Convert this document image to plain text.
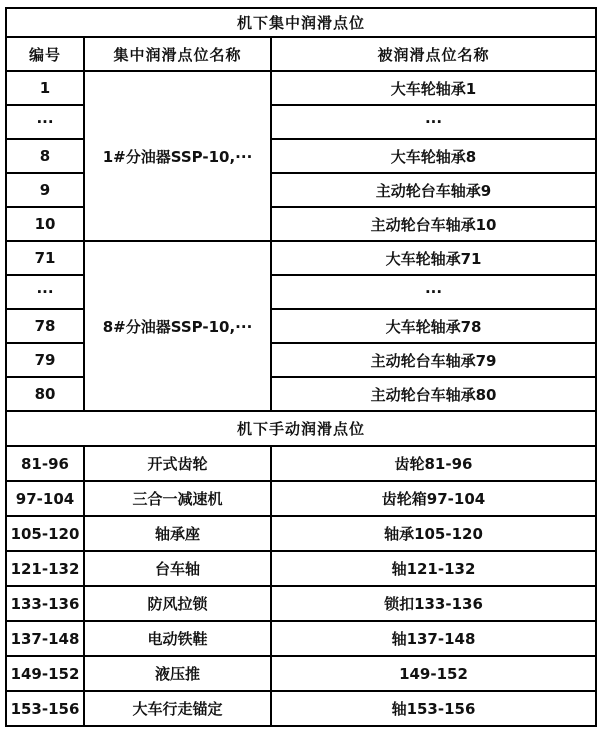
机下集中润滑点位		
编号	集中润滑点位名称	被润滑点位名称
1	1#分油器SSP-10,···	大车轮轴承1
···		···
8		大车轮轴承8
9		主动轮台车轴承9
10		主动轮台车轴承10
71	8#分油器SSP-10,···	大车轮轴承71
···		···
78		大车轮轴承78
79		主动轮台车轴承79
80		主动轮台车轴承80
机下手动润滑点位		
81-96	开式齿轮	齿轮81-96
97-104	三合一减速机	齿轮箱97-104
105-120	轴承座	轴承105-120
121-132	台车轴	轴121-132
133-136	防风拉锁	锁扣133-136
137-148	电动铁鞋	轴137-148
149-152	液压推	149-152
153-156	大车行走锚定	轴153-156
